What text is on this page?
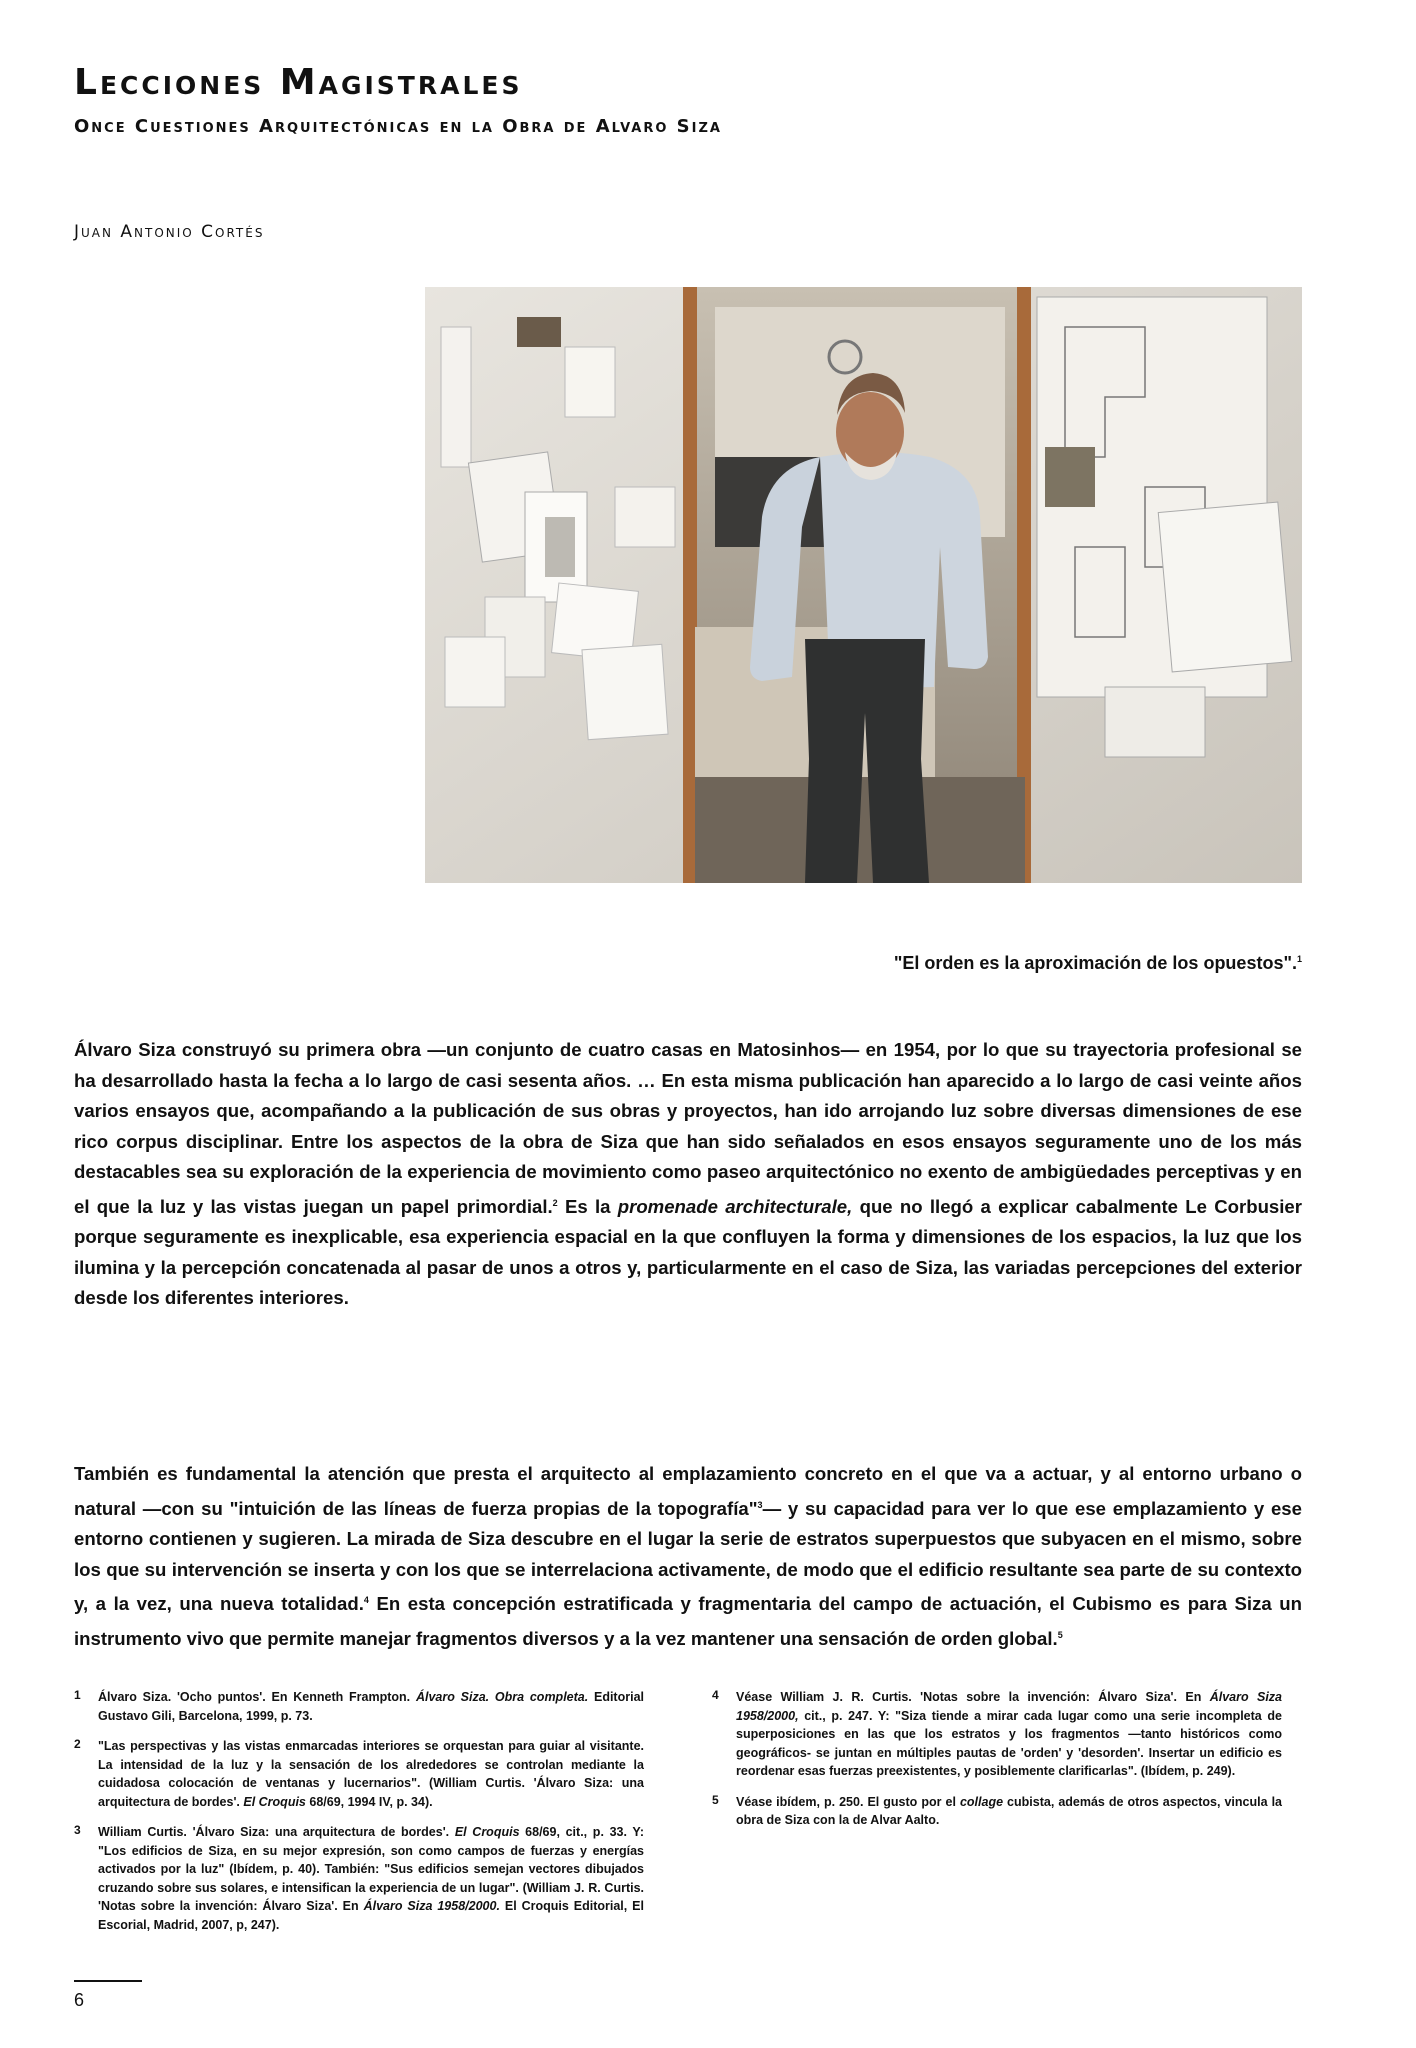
Lecciones Magistrales
Once Cuestiones Arquitectónicas en la Obra de Alvaro Siza
Juan Antonio Cortés
"El orden es la aproximación de los opuestos".$^1$

Álvaro Siza construyó su primera obra —un conjunto de cuatro casas en Matosinhos— en 1954, por lo que su trayectoria profesional se ha desarrollado hasta la fecha a lo largo de casi sesenta años. … En esta misma publicación han aparecido a lo largo de casi veinte años varios ensayos que, acompañando a la publicación de sus obras y proyectos, han ido arrojando luz sobre diversas dimensiones de ese rico corpus disciplinar. Entre los aspectos de la obra de Siza que han sido señalados en esos ensayos seguramente uno de los más destacables sea su exploración de la experiencia de movimiento como paseo arquitectónico no exento de ambigüedades perceptivas y en el que la luz y las vistas juegan un papel primordial.$^2$ Es la promenade architecturale, que no llegó a explicar cabalmente Le Corbusier porque seguramente es inexplicable, esa experiencia espacial en la que confluyen la forma y dimensiones de los espacios, la luz que los ilumina y la percepción concatenada al pasar de unos a otros y, particularmente en el caso de Siza, las variadas percepciones del exterior desde los diferentes interiores.

También es fundamental la atención que presta el arquitecto al emplazamiento concreto en el que va a actuar, y al entorno urbano o natural —con su "intuición de las líneas de fuerza propias de la topografía"$^3$— y su capacidad para ver lo que ese emplazamiento y ese entorno contienen y sugieren. La mirada de Siza descubre en el lugar la serie de estratos superpuestos que subyacen en el mismo, sobre los que su intervención se inserta y con los que se interrelaciona activamente, de modo que el edificio resultante sea parte de su contexto y, a la vez, una nueva totalidad.$^4$ En esta concepción estratificada y fragmentaria del campo de actuación, el Cubismo es para Siza un instrumento vivo que permite manejar fragmentos diversos y a la vez mantener una sensación de orden global.$^5$

1	Álvaro Siza. 'Ocho puntos'. En Kenneth Frampton. Álvaro Siza. Obra completa. Editorial Gustavo Gili, Barcelona, 1999, p. 73.
2	"Las perspectivas y las vistas enmarcadas interiores se orquestan para guiar al visitante. La intensidad de la luz y la sensación de los alrededores se controlan mediante la cuidadosa colocación de ventanas y lucernarios". (William Curtis. 'Álvaro Siza: una arquitectura de bordes'. El Croquis 68/69, 1994 IV, p. 34).
3	William Curtis. 'Álvaro Siza: una arquitectura de bordes'. El Croquis 68/69, cit., p. 33. Y: "Los edificios de Siza, en su mejor expresión, son como campos de fuerzas y energías activados por la luz" (Ibídem, p. 40). También: "Sus edificios semejan vectores dibujados cruzando sobre sus solares, e intensifican la experiencia de un lugar". (William J. R. Curtis. 'Notas sobre la invención: Álvaro Siza'. En Álvaro Siza 1958/2000. El Croquis Editorial, El Escorial, Madrid, 2007, p, 247).
4	Véase William J. R. Curtis. 'Notas sobre la invención: Álvaro Siza'. En Álvaro Siza 1958/2000, cit., p. 247. Y: "Siza tiende a mirar cada lugar como una serie incompleta de superposiciones en las que los estratos y los fragmentos —tanto históricos como geográficos- se juntan en múltiples pautas de 'orden' y 'desorden'. Insertar un edificio es reordenar esas fuerzas preexistentes, y posiblemente clarificarlas". (Ibídem, p. 249).
5	Véase ibídem, p. 250. El gusto por el collage cubista, además de otros aspectos, vincula la obra de Siza con la de Alvar Aalto.
6
